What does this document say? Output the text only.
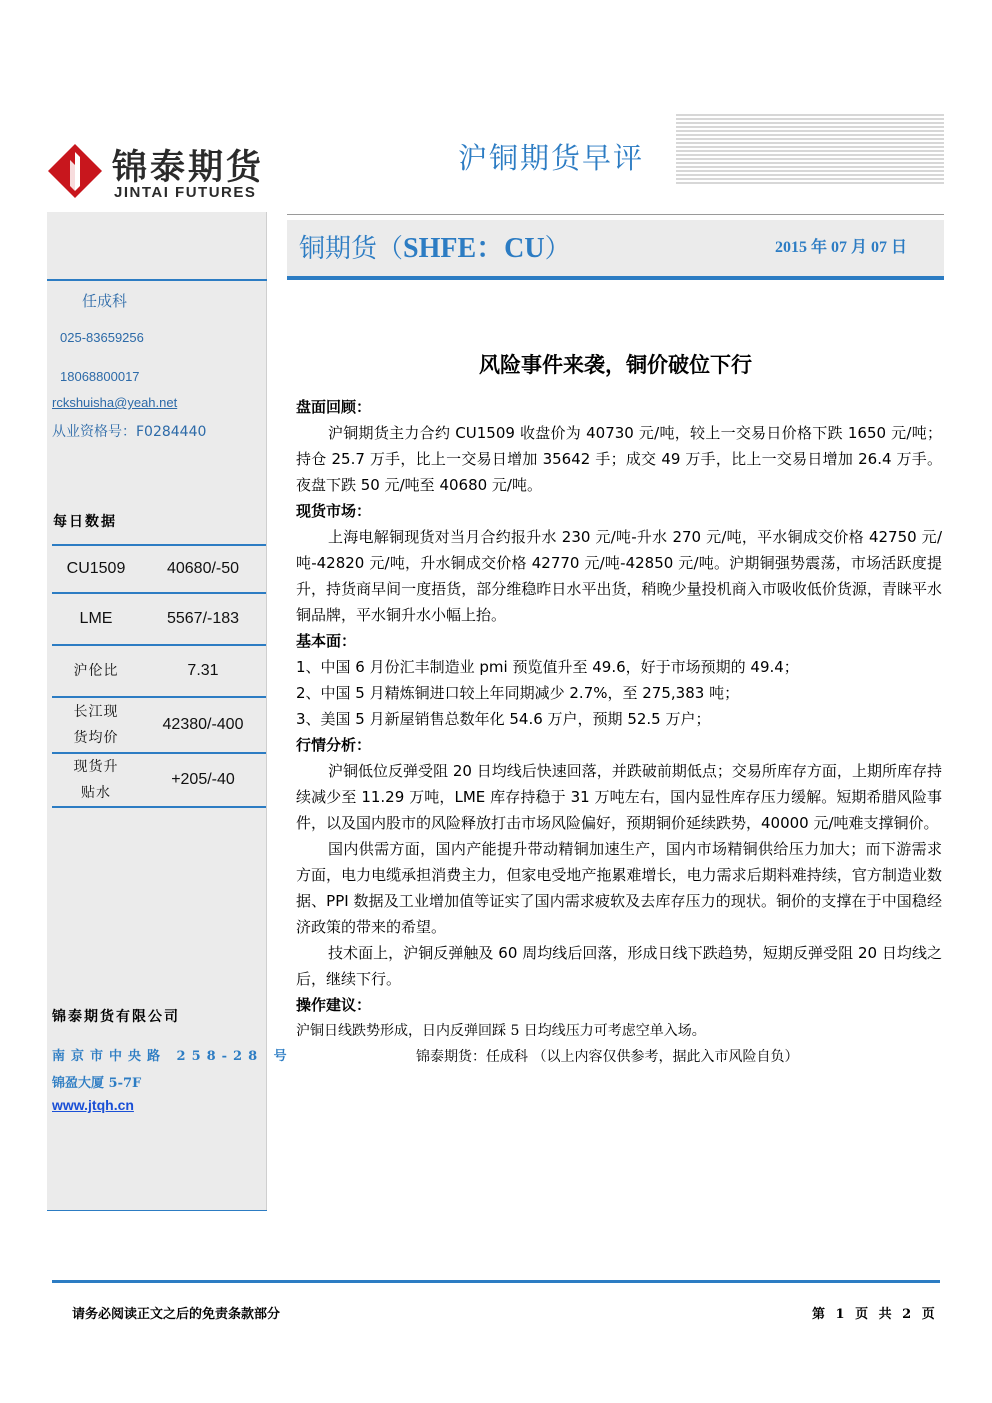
锦泰期货
JINTAI FUTURES
沪铜期货早评
铜期货（SHFE：CU）	2015 年 07 月 07 日
任成科
025-83659256
18068800017
rckshuisha@yeah.net
从业资格号：F0284440
每日数据
CU1509	40680/-50
LME	5567/-183
沪伦比	7.31

长江现
货均价	42380/-400

现货升
贴水	+205/-40
锦泰期货有限公司
南京市中央路 258-28 号
锦盈大厦 5-7F
www.jtqh.cn
风险事件来袭，铜价破位下行
盘面回顾：

沪铜期货主力合约 CU1509 收盘价为 40730 元/吨，较上一交易日价格下跌 1650 元/吨；持仓 25.7 万手，比上一交易日增加 35642 手；成交 49 万手，比上一交易日增加 26.4 万手。夜盘下跌 50 元/吨至 40680 元/吨。

现货市场：

上海电解铜现货对当月合约报升水 230 元/吨-升水 270 元/吨，平水铜成交价格 42750 元/吨-42820 元/吨，升水铜成交价格 42770 元/吨-42850 元/吨。沪期铜强势震荡，市场活跃度提升，持货商早间一度捂货，部分维稳昨日水平出货，稍晚少量投机商入市吸收低价货源，青睐平水铜品牌，平水铜升水小幅上抬。

基本面：

1、中国 6 月份汇丰制造业 pmi 预览值升至 49.6，好于市场预期的 49.4；

2、中国 5 月精炼铜进口较上年同期减少 2.7%，至 275,383 吨；

3、美国 5 月新屋销售总数年化 54.6 万户，预期 52.5 万户；

行情分析：

沪铜低位反弹受阻 20 日均线后快速回落，并跌破前期低点；交易所库存方面，上期所库存持续减少至 11.29 万吨，LME 库存持稳于 31 万吨左右，国内显性库存压力缓解。短期希腊风险事件，以及国内股市的风险释放打击市场风险偏好，预期铜价延续跌势，40000 元/吨难支撑铜价。

国内供需方面，国内产能提升带动精铜加速生产，国内市场精铜供给压力加大；而下游需求方面，电力电缆承担消费主力，但家电受地产拖累难增长，电力需求后期料难持续，官方制造业数据、PPI 数据及工业增加值等证实了国内需求疲软及去库存压力的现状。铜价的支撑在于中国稳经济政策的带来的希望。

技术面上，沪铜反弹触及 60 周均线后回落，形成日线下跌趋势，短期反弹受阻 20 日均线之后，继续下行。

操作建议：

沪铜日线跌势形成，日内反弹回踩 5 日均线压力可考虑空单入场。

锦泰期货：任成科 （以上内容仅供参考，据此入市风险自负）

请务必阅读正文之后的免责条款部分	第 1 页 共 2 页
